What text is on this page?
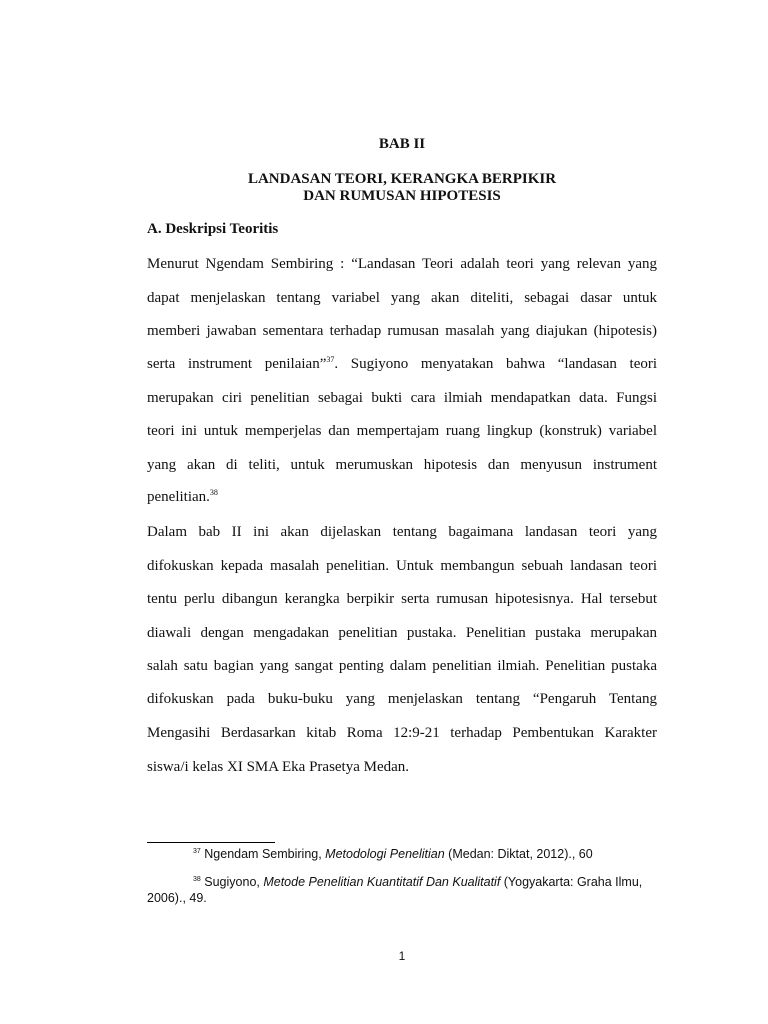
BAB II
LANDASAN TEORI, KERANGKA BERPIKIR
DAN RUMUSAN HIPOTESIS
A. Deskripsi Teoritis
Menurut Ngendam Sembiring : “Landasan Teori adalah teori yang relevan yang
dapat menjelaskan tentang variabel yang akan diteliti, sebagai dasar untuk
memberi jawaban sementara terhadap rumusan masalah yang diajukan (hipotesis)
serta instrument penilaian”$^{37}$. Sugiyono menyatakan bahwa “landasan teori
merupakan ciri penelitian sebagai bukti cara ilmiah mendapatkan data. Fungsi
teori ini untuk memperjelas dan mempertajam ruang lingkup (konstruk) variabel
yang akan di teliti, untuk merumuskan hipotesis dan menyusun instrument
penelitian.$^{38}$
Dalam bab II ini akan dijelaskan tentang bagaimana landasan teori yang
difokuskan kepada masalah penelitian. Untuk membangun sebuah landasan teori
tentu perlu dibangun kerangka berpikir serta rumusan hipotesisnya. Hal tersebut
diawali dengan mengadakan penelitian pustaka. Penelitian pustaka merupakan
salah satu bagian yang sangat penting dalam penelitian ilmiah. Penelitian pustaka
difokuskan pada buku-buku yang menjelaskan tentang “Pengaruh Tentang
Mengasihi Berdasarkan kitab Roma 12:9-21 terhadap Pembentukan Karakter
siswa/i kelas XI SMA Eka Prasetya Medan.
$^{37}$ Ngendam Sembiring, Metodologi Penelitian (Medan: Diktat, 2012)., 60
$^{38}$ Sugiyono, Metode Penelitian Kuantitatif Dan Kualitatif (Yogyakarta: Graha Ilmu,
2006)., 49.
1
